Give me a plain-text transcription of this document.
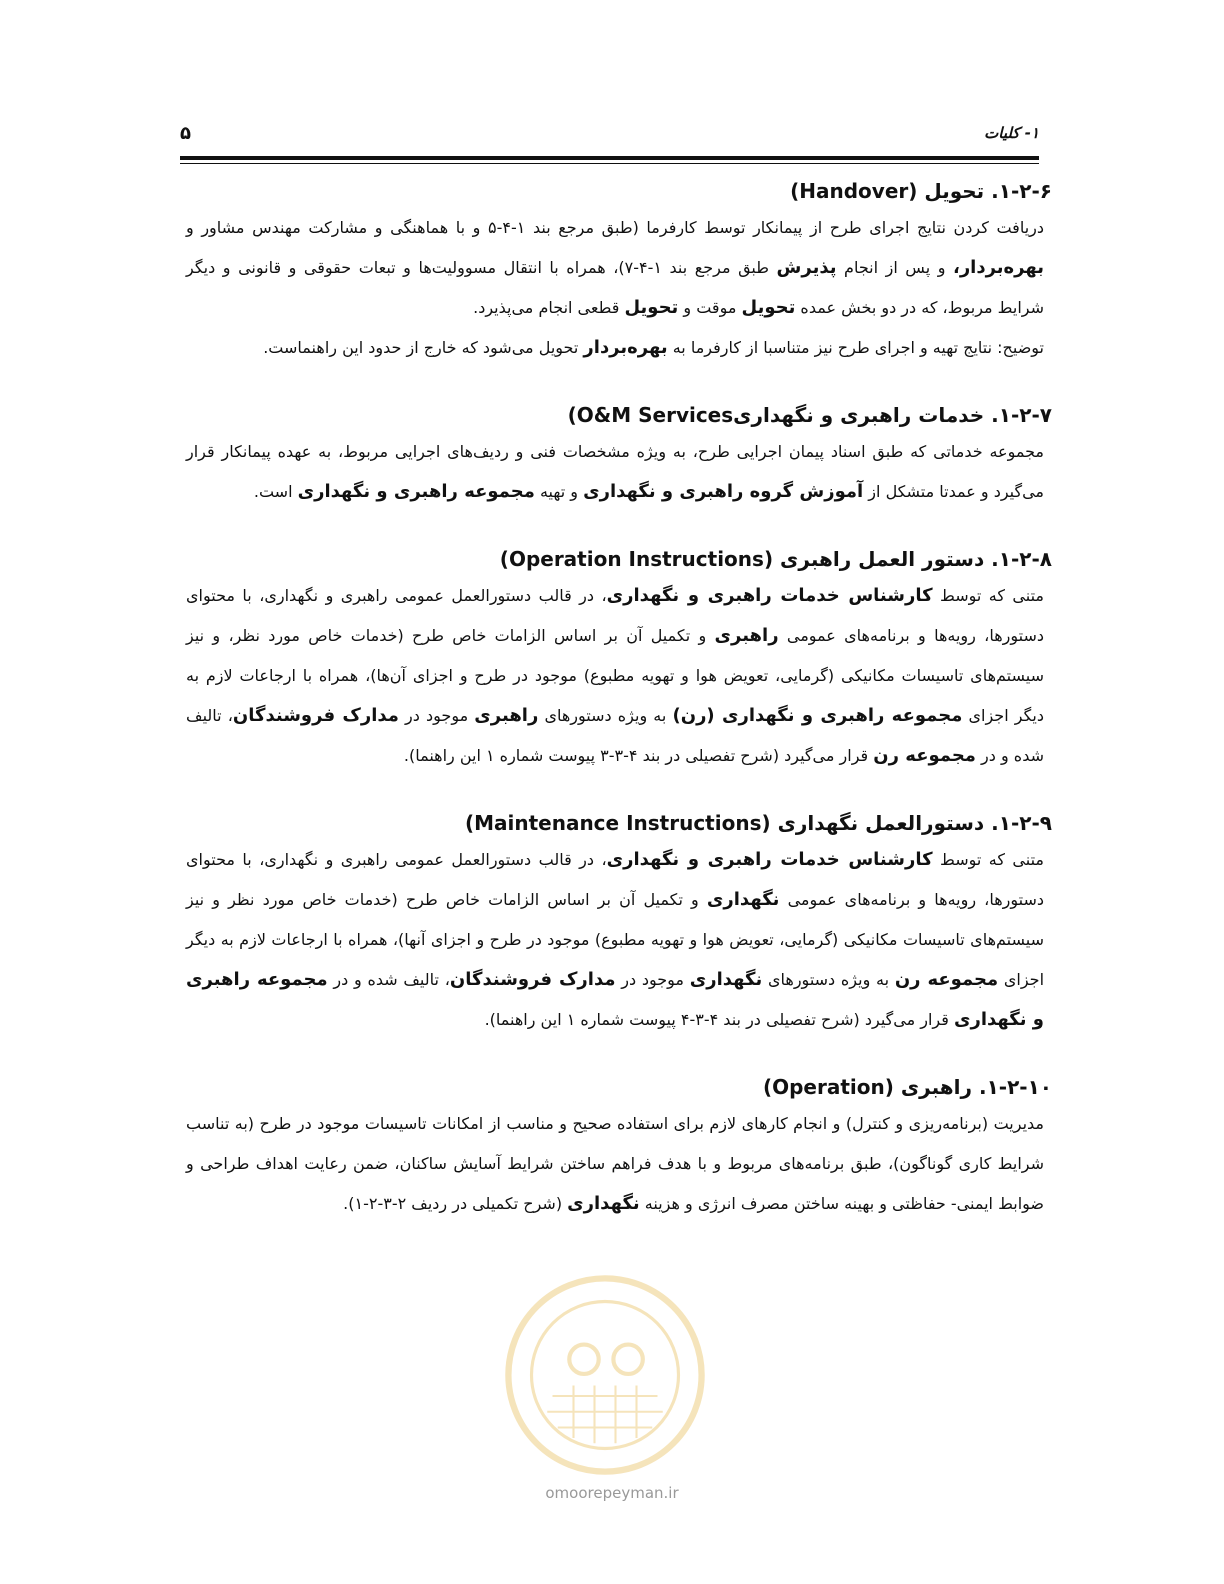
۱- کلیات
۵
۱-۲-۶. تحویل (Handover)

دریافت کردن نتایج اجرای طرح از پیمانکار توسط کارفرما (طبق مرجع بند ۱-۴-۵ و با هماهنگی و مشارکت مهندس مشاور و بهره‌بردار، و پس از انجام پذیرش طبق مرجع بند ۱-۴-۷)، همراه با انتقال مسوولیت‌ها و تبعات حقوقی و قانونی و دیگر شرایط مربوط، که در دو بخش عمده تحویل موقت و تحویل قطعی انجام می‌پذیرد.

توضیح: نتایج تهیه و اجرای طرح نیز متناسبا از کارفرما به بهره‌بردار تحویل می‌شود که خارج از حدود این راهنماست.

۱-۲-۷. خدمات راهبری و نگهداری(O&M Services

مجموعه خدماتی که طبق اسناد پیمان اجرایی طرح، به ویژه مشخصات فنی و ردیف‌های اجرایی مربوط، به عهده پیمانکار قرار می‌گیرد و عمدتا متشکل از آموزش گروه راهبری و نگهداری و تهیه مجموعه راهبری و نگهداری است.

۱-۲-۸. دستور العمل راهبری (Operation Instructions)

متنی که توسط کارشناس خدمات راهبری و نگهداری، در قالب دستورالعمل عمومی راهبری و نگهداری، با محتوای دستورها، رویه‌ها و برنامه‌های عمومی راهبری و تکمیل آن بر اساس الزامات خاص طرح (خدمات خاص مورد نظر، و نیز سیستم‌های تاسیسات مکانیکی (گرمایی، تعویض هوا و تهویه مطبوع) موجود در طرح و اجزای آن‌ها)، همراه با ارجاعات لازم به دیگر اجزای مجموعه راهبری و نگهداری (رن) به ویژه دستورهای راهبری موجود در مدارک فروشندگان، تالیف شده و در مجموعه رن قرار می‌گیرد (شرح تفصیلی در بند ۴-۳-۳ پیوست شماره ۱ این راهنما).

۱-۲-۹. دستورالعمل نگهداری (Maintenance Instructions)

متنی که توسط کارشناس خدمات راهبری و نگهداری، در قالب دستورالعمل عمومی راهبری و نگهداری، با محتوای دستورها، رویه‌ها و برنامه‌های عمومی نگهداری و تکمیل آن بر اساس الزامات خاص طرح (خدمات خاص مورد نظر و نیز سیستم‌های تاسیسات مکانیکی (گرمایی، تعویض هوا و تهویه مطبوع) موجود در طرح و اجزای آنها)، همراه با ارجاعات لازم به دیگر اجزای مجموعه رن به ویژه دستورهای نگهداری موجود در مدارک فروشندگان، تالیف شده و در مجموعه راهبری و نگهداری قرار می‌گیرد (شرح تفصیلی در بند ۴-۳-۴ پیوست شماره ۱ این راهنما).

۱-۲-۱۰. راهبری (Operation)

مدیریت (برنامه‌ریزی و کنترل) و انجام کارهای لازم برای استفاده صحیح و مناسب از امکانات تاسیسات موجود در طرح (به تناسب شرایط کاری گوناگون)، طبق برنامه‌های مربوط و با هدف فراهم ساختن شرایط آسایش ساکنان، ضمن رعایت اهداف طراحی و ضوابط ایمنی- حفاظتی و بهینه ساختن مصرف انرژی و هزینه نگهداری (شرح تکمیلی در ردیف ۲-۳-۲-۱).

omoorepeyman.ir
